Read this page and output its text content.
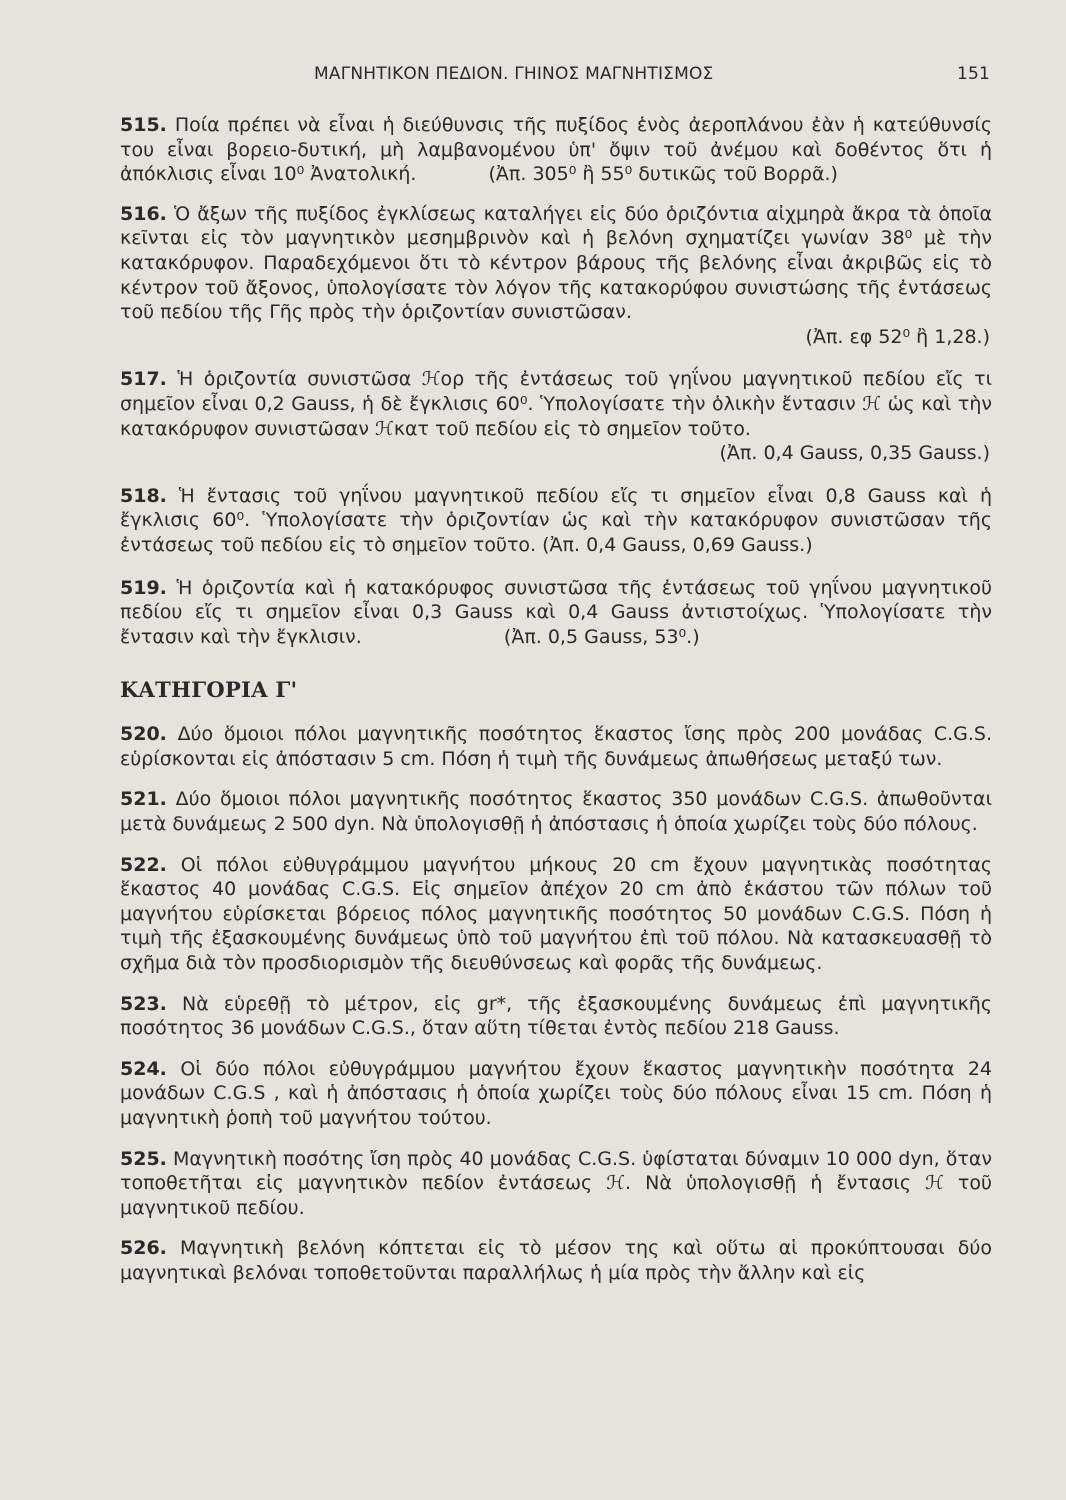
ΜΑΓΝΗΤΙΚΟΝ ΠΕΔΙΟΝ. ΓΗΙΝΟΣ ΜΑΓΝΗΤΙΣΜΟΣ	151

515. Ποία πρέπει νὰ εἶναι ἡ διεύθυνσις τῆς πυξίδος ἑνὸς ἀεροπλάνου ἐὰν ἡ κατεύθυνσίς του εἶναι βορειο-δυτική, μὴ λαμβανομένου ὑπ' ὄψιν τοῦ ἀνέμου καὶ δοθέντος ὅτι ἡ ἀπόκλισις εἶναι 10⁰ Ἀνατολική.	(Ἀπ. 305⁰ ἢ 55⁰ δυτικῶς τοῦ Βορρᾶ.)

516. Ὁ ἄξων τῆς πυξίδος ἐγκλίσεως καταλήγει εἰς δύο ὁριζόντια αἰχμηρὰ ἄκρα τὰ ὁποῖα κεῖνται εἰς τὸν μαγνητικὸν μεσημβρινὸν καὶ ἡ βελόνη σχηματίζει γωνίαν 38⁰ μὲ τὴν κατακόρυφον. Παραδεχόμενοι ὅτι τὸ κέντρον βάρους τῆς βελόνης εἶναι ἀκριβῶς εἰς τὸ κέντρον τοῦ ἄξονος, ὑπολογίσατε τὸν λόγον τῆς κατακορύφου συνιστώσης τῆς ἐντάσεως τοῦ πεδίου τῆς Γῆς πρὸς τὴν ὁριζοντίαν συνιστῶσαν.

(Ἀπ. εφ 52⁰ ἢ 1,28.)

517. Ἡ ὁριζοντία συνιστῶσα ℋορ τῆς ἐντάσεως τοῦ γηΐνου μαγνητικοῦ πεδίου εἴς τι σημεῖον εἶναι 0,2 Gauss, ἡ δὲ ἔγκλισις 60⁰. Ὑπολογίσατε τὴν ὁλικὴν ἔντασιν ℋ ὡς καὶ τὴν κατακόρυφον συνιστῶσαν ℋκατ τοῦ πεδίου εἰς τὸ σημεῖον τοῦτο.

(Ἀπ. 0,4 Gauss, 0,35 Gauss.)

518. Ἡ ἔντασις τοῦ γηΐνου μαγνητικοῦ πεδίου εἴς τι σημεῖον εἶναι 0,8 Gauss καὶ ἡ ἔγκλισις 60⁰. Ὑπολογίσατε τὴν ὁριζοντίαν ὡς καὶ τὴν κατακόρυφον συνιστῶσαν τῆς ἐντάσεως τοῦ πεδίου εἰς τὸ σημεῖον τοῦτο. (Ἀπ. 0,4 Gauss, 0,69 Gauss.)

519. Ἡ ὁριζοντία καὶ ἡ κατακόρυφος συνιστῶσα τῆς ἐντάσεως τοῦ γηΐνου μαγνητικοῦ πεδίου εἴς τι σημεῖον εἶναι 0,3 Gauss καὶ 0,4 Gauss ἀντιστοίχως. Ὑπολογίσατε τὴν ἔντασιν καὶ τὴν ἔγκλισιν.	(Ἀπ. 0,5 Gauss, 53⁰.)

ΚΑΤΗΓΟΡΙΑ Γ'

520. Δύο ὅμοιοι πόλοι μαγνητικῆς ποσότητος ἕκαστος ἴσης πρὸς 200 μονάδας C.G.S. εὑρίσκονται εἰς ἀπόστασιν 5 cm. Πόση ἡ τιμὴ τῆς δυνάμεως ἀπωθήσεως μεταξύ των.

521. Δύο ὅμοιοι πόλοι μαγνητικῆς ποσότητος ἕκαστος 350 μονάδων C.G.S. ἀπωθοῦνται μετὰ δυνάμεως 2 500 dyn. Νὰ ὑπολογισθῇ ἡ ἀπόστασις ἡ ὁποία χωρίζει τοὺς δύο πόλους.

522. Οἱ πόλοι εὐθυγράμμου μαγνήτου μήκους 20 cm ἔχουν μαγνητικὰς ποσότητας ἕκαστος 40 μονάδας C.G.S. Εἰς σημεῖον ἀπέχον 20 cm ἀπὸ ἑκάστου τῶν πόλων τοῦ μαγνήτου εὑρίσκεται βόρειος πόλος μαγνητικῆς ποσότητος 50 μονάδων C.G.S. Πόση ἡ τιμὴ τῆς ἐξασκουμένης δυνάμεως ὑπὸ τοῦ μαγνήτου ἐπὶ τοῦ πόλου. Νὰ κατασκευασθῇ τὸ σχῆμα διὰ τὸν προσδιορισμὸν τῆς διευθύνσεως καὶ φορᾶς τῆς δυνάμεως.

523. Νὰ εὑρεθῇ τὸ μέτρον, εἰς gr*, τῆς ἐξασκουμένης δυνάμεως ἐπὶ μαγνητικῆς ποσότητος 36 μονάδων C.G.S., ὅταν αὕτη τίθεται ἐντὸς πεδίου 218 Gauss.

524. Οἱ δύο πόλοι εὐθυγράμμου μαγνήτου ἔχουν ἕκαστος μαγνητικὴν ποσότητα 24 μονάδων C.G.S , καὶ ἡ ἀπόστασις ἡ ὁποία χωρίζει τοὺς δύο πόλους εἶναι 15 cm. Πόση ἡ μαγνητικὴ ῥοπὴ τοῦ μαγνήτου τούτου.

525. Μαγνητικὴ ποσότης ἴση πρὸς 40 μονάδας C.G.S. ὑφίσταται δύναμιν 10 000 dyn, ὅταν τοποθετῆται εἰς μαγνητικὸν πεδίον ἐντάσεως ℋ. Νὰ ὑπολογισθῇ ἡ ἔντασις ℋ τοῦ μαγνητικοῦ πεδίου.

526. Μαγνητικὴ βελόνη κόπτεται εἰς τὸ μέσον της καὶ οὕτω αἱ προκύπτουσαι δύο μαγνητικαὶ βελόναι τοποθετοῦνται παραλλήλως ἡ μία πρὸς τὴν ἄλλην καὶ εἰς
